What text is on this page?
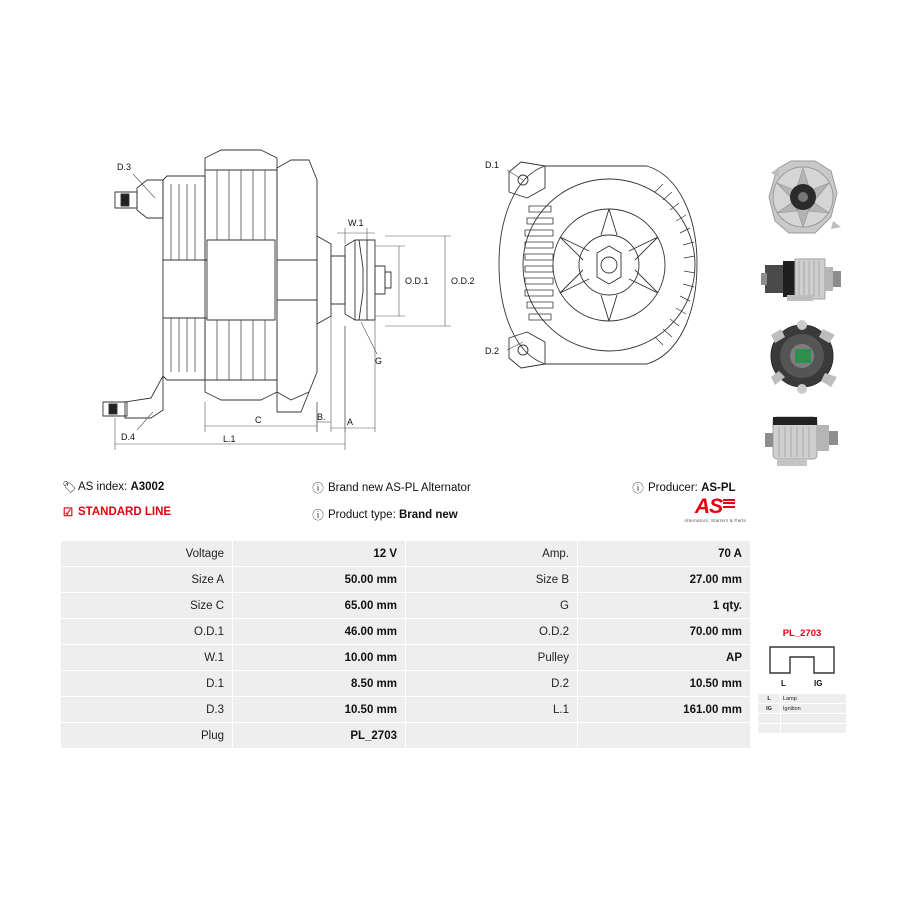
D.3
D.4
W.1
O.D.1 O.D.2
G
C
L.1
B. A
D.1
D.2
🏷AS index: A3002
☑ STANDARD LINE
ⓘ Brand new AS-PL Alternator
ⓘ Product type: Brand new
ⓘ Producer: AS-PL
AS
Alternators, Starters & Parts
Voltage	12 V	Amp.	70 A
Size A	50.00 mm	Size B	27.00 mm
Size C	65.00 mm	G	1 qty.
O.D.1	46.00 mm	O.D.2	70.00 mm
W.1	10.00 mm	Pulley	AP
D.1	8.50 mm	D.2	10.50 mm
D.3	10.50 mm	L.1	161.00 mm
Plug	PL_2703		
PL_2703
L	IG
L	Lamp
IG	Ignition
